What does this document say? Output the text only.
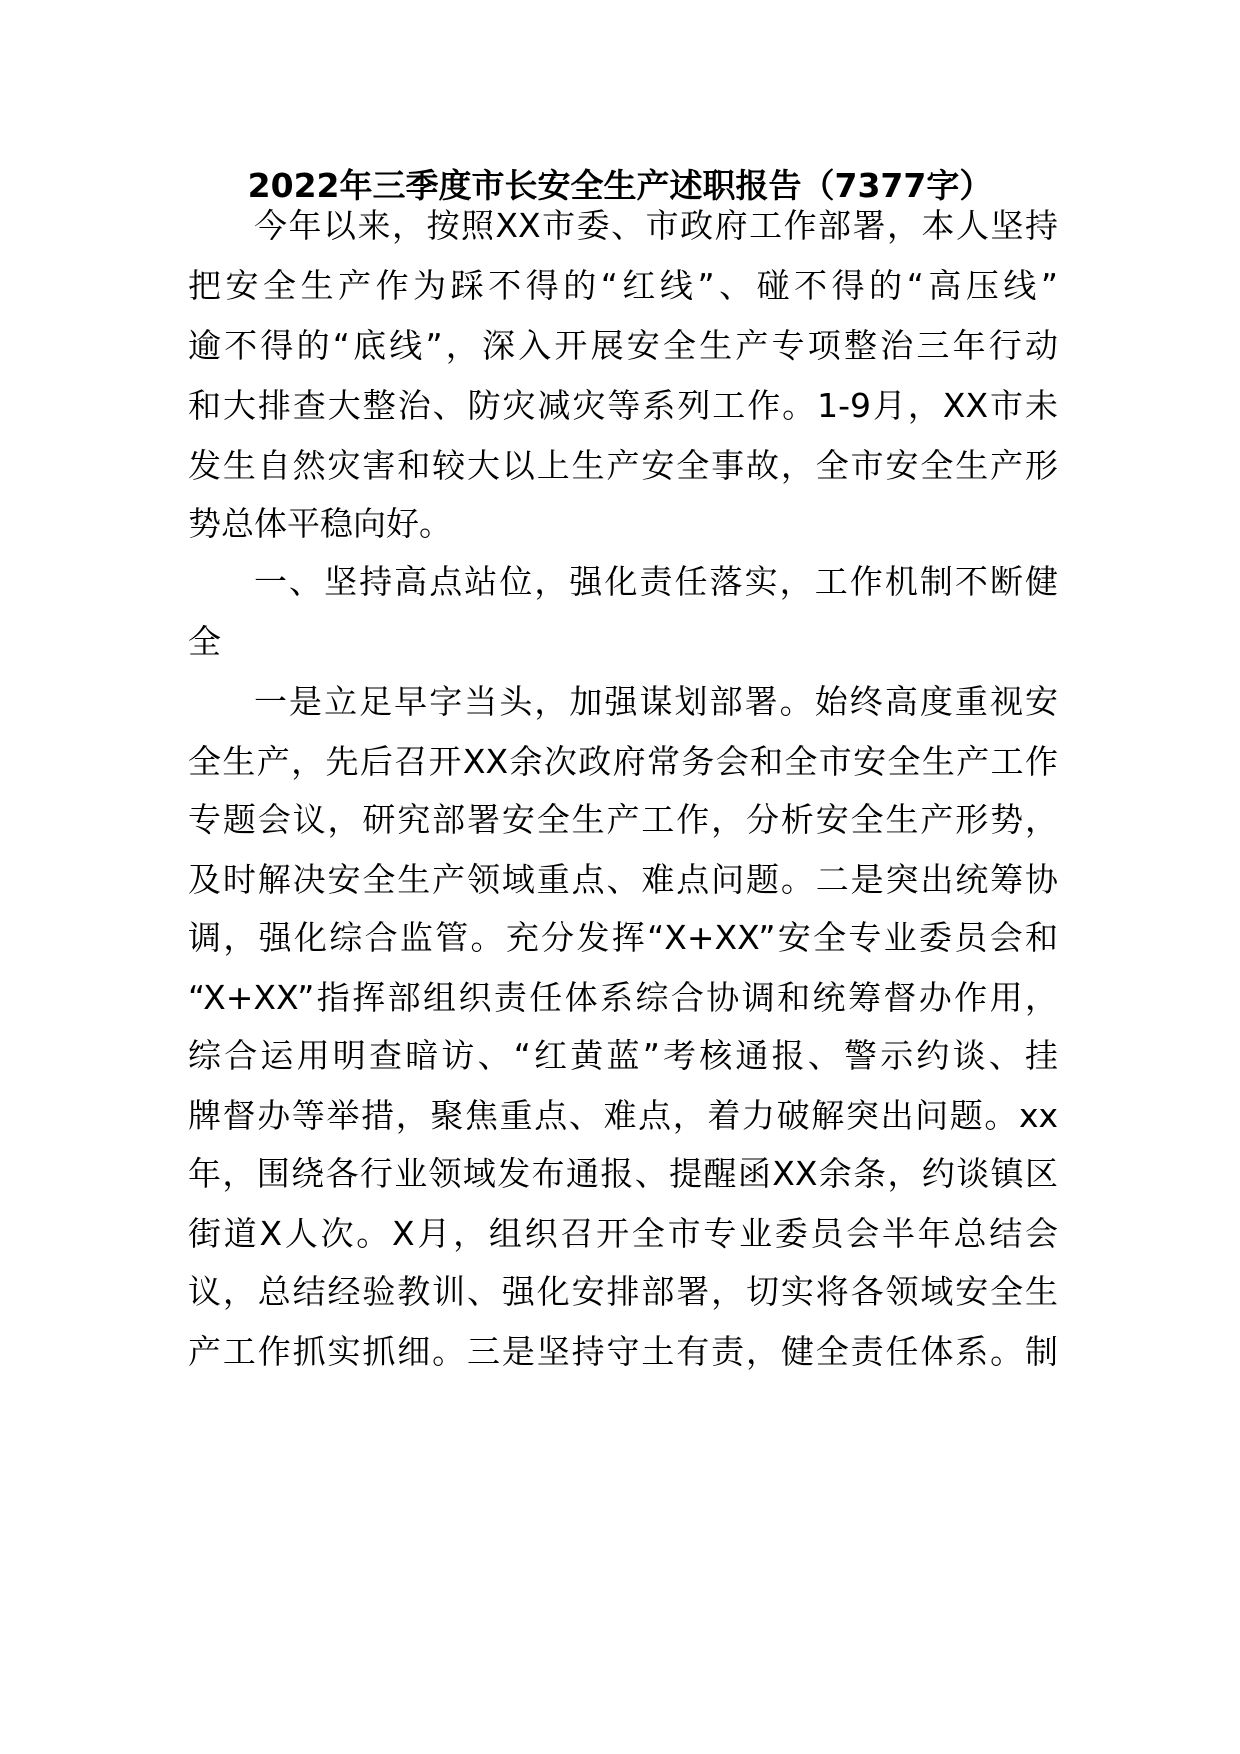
2022年三季度市长安全生产述职报告（7377字）
今年以来，按照XX市委、市政府工作部署，本人坚持
把安全生产作为踩不得的“红线”、碰不得的“高压线”
逾不得的“底线”，深入开展安全生产专项整治三年行动
和大排查大整治、防灾减灾等系列工作。1-9月，XX市未
发生自然灾害和较大以上生产安全事故，全市安全生产形
势总体平稳向好。
一、坚持高点站位，强化责任落实，工作机制不断健
全
一是立足早字当头，加强谋划部署。始终高度重视安
全生产，先后召开XX余次政府常务会和全市安全生产工作
专题会议，研究部署安全生产工作，分析安全生产形势，
及时解决安全生产领域重点、难点问题。二是突出统筹协
调，强化综合监管。充分发挥“X+XX”安全专业委员会和
“X+XX”指挥部组织责任体系综合协调和统筹督办作用，
综合运用明查暗访、“红黄蓝”考核通报、警示约谈、挂
牌督办等举措，聚焦重点、难点，着力破解突出问题。xx
年，围绕各行业领域发布通报、提醒函XX余条，约谈镇区
街道X人次。X月，组织召开全市专业委员会半年总结会
议，总结经验教训、强化安排部署，切实将各领域安全生
产工作抓实抓细。三是坚持守土有责，健全责任体系。制
